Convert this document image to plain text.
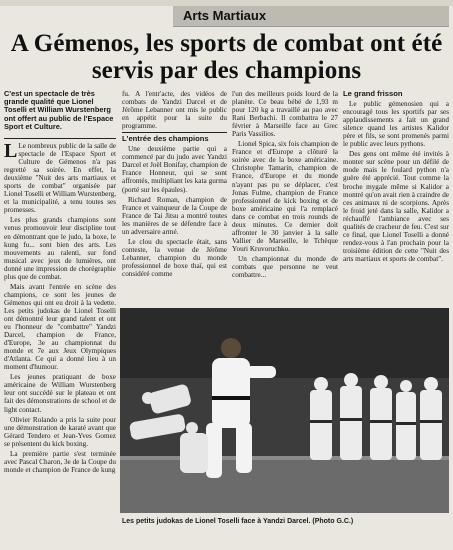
Arts Martiaux
A Gémenos, les sports de combat ont été servis par des champions
C'est un spectacle de très grande qualité que Lionel Toselli et William Wurstenberg ont offert au public de l'Espace Sport et Culture.

L Le nombreux public de la salle de spectacle de l'Espace Sport et Culture de Gémenos n'a pas regretté sa soirée. En effet, la deuxième "Nuit des arts martiaux et sports de combat" organisée par Lionel Toselli et William Wurstenberg, et la municipalité, a tenu toutes ses promesses.

Les plus grands champions sont venus promouvoir leur discipline tout en démontrant que le judo, la boxe, le kung fu... sont bien des arts. Les mouvements au ralenti, sur fond musical avec jeux de lumières, ont donné une impression de chorégraphie plus que de combat.

Mais avant l'entrée en scène des champions, ce sont les jeunes de Gémenos qui ont eu droit à la vedette. Les petits judokas de Lionel Toselli ont démontré leur grand talent et ont eu l'honneur de "combattre" Yandzi Darcel, champion de France, d'Europe, 3e au championnat du monde et 7e aux Jeux Olympiques d'Atlanta. Ce qui a donné lieu à un moment d'humour.

Les jeunes pratiquant de boxe américaine de William Wurstenberg leur ont succédé sur le plateau et ont fait des démonstrations de school et de light contact.

Olivier Rolando a pris la suite pour une démonstration de karaté avant que Gérard Tendero et Jean-Yves Gomez se présentent du kick boxing.

La première partie s'est terminée avec Pascal Charon, 3e de la Coupe du monde et champion de France de kung

fu. A l'entr'acte, des vidéos de combats de Yandzi Darcel et de Jérôme Lebanner ont mis le public en appétit pour la suite du programme.

L'entrée des champions

Une deuxième partie qui a commencé par du judo avec Yandzi Darcel et Joël Bonifay, champion de France Honneur, qui se sont affrontés, multipliant les kata gurma (porté sur les épaules).

Richard Roman, champion de France et vainqueur de la Coupe de France de Tai Jitsu a montré toutes les manières de se défendre face à un adversaire armé.

Le clou du spectacle était, sans conteste, la venue de Jérôme Lebanner, champion du monde professionnel de boxe thaï, qui est considéré comme

l'un des meilleurs poids lourd de la planète. Ce beau bébé de 1,93 m pour 120 kg a travaillé au pao avec Rani Berbachi. Il combattra le 27 février à Marseille face au Grec Paris Vassilios.

Lionel Spica, six fois champion de France et d'Europe a clôturé la soirée avec de la boxe américaine. Christophe Tamarin, champion de France, d'Europe et du monde n'ayant pas pu se déplacer, c'est Jonas Fulme, champion de France professionnel de kick boxing et de boxe américaine qui l'a remplacé dans ce combat en trois rounds de deux minutes. Ce dernier doit affronter le 30 janvier à la salle Vallier de Marseille, le Tchèque Youri Kruvoruchko.

Un championnat du monde de combats que personne ne veut combattre...

Le grand frisson

Le public gémenosien qui a encouragé tous les sportifs par ses applaudissements a fait un grand silence quand les artistes Kalidor père et fils, se sont promenés parmi le public avec leurs pythons.

Des gens ont même été invités à monter sur scène pour un défilé de mode mais le foulard python n'a guère été apprécié. Tout comme la broche mygale même si Kalidor a montré qu'on avait rien à craindre de ces animaux ni de scorpions. Après le froid jeté dans la salle, Kalidor a réchauffé l'ambiance avec ses qualités de cracheur de feu. C'est sur ce final, que Lionel Toselli a donné rendez-vous à l'an prochain pour la troisième édition de cette "Nuit des arts martiaux et sports de combat".

Les petits judokas de Lionel Toselli face à Yandzi Darcel. (Photo G.C.)
